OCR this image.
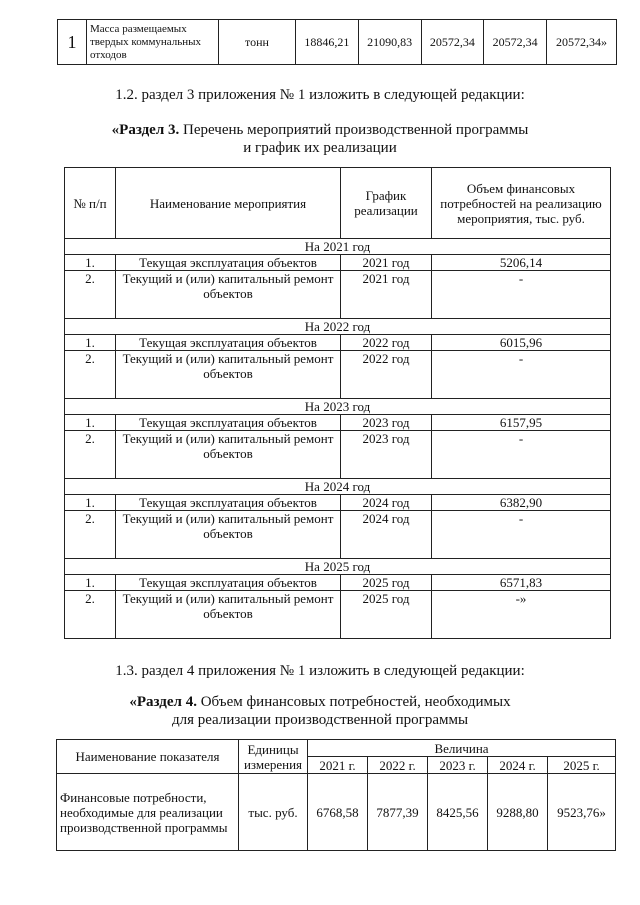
1	Масса размещаемых твердых коммунальных отходов	тонн	18846,21	21090,83	20572,34	20572,34	20572,34»
1.2. раздел 3 приложения № 1 изложить в следующей редакции:
«Раздел 3. Перечень мероприятий производственной программы
и график их реализации
№ п/п	Наименование мероприятия	График реализации	Объем финансовых потребностей на реализацию мероприятия, тыс. руб.
На 2021 год			
1.	Текущая эксплуатация объектов	2021 год	5206,14
2.	Текущий и (или) капитальный ремонт объектов	2021 год	-
На 2022 год			
1.	Текущая эксплуатация объектов	2022 год	6015,96
2.	Текущий и (или) капитальный ремонт объектов	2022 год	-
На 2023 год			
1.	Текущая эксплуатация объектов	2023 год	6157,95
2.	Текущий и (или) капитальный ремонт объектов	2023 год	-
На 2024 год			
1.	Текущая эксплуатация объектов	2024 год	6382,90
2.	Текущий и (или) капитальный ремонт объектов	2024 год	-
На 2025 год			
1.	Текущая эксплуатация объектов	2025 год	6571,83
2.	Текущий и (или) капитальный ремонт объектов	2025 год	-»
1.3. раздел 4 приложения № 1 изложить в следующей редакции:
«Раздел 4. Объем финансовых потребностей, необходимых
для реализации производственной программы
Наименование показателя	Единицы измерения	Величина				
		2021 г.	2022 г.	2023 г.	2024 г.	2025 г.
Финансовые потребности, необходимые для реализации производственной программы	тыс. руб.	6768,58	7877,39	8425,56	9288,80	9523,76»
